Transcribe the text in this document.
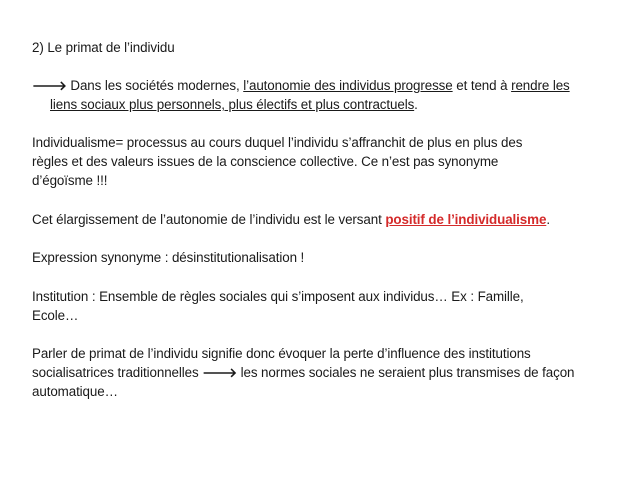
2) Le primat de l’individu
🡒 Dans les sociétés modernes, l’autonomie des individus progresse et tend à rendre les
liens sociaux plus personnels, plus électifs et plus contractuels.
Individualisme= processus au cours duquel l’individu s’affranchit de plus en plus des
règles et des valeurs issues de la conscience collective. Ce n’est pas synonyme
d’égoïsme !!!
Cet élargissement de l’autonomie de l’individu est le versant positif de l’individualisme.
Expression synonyme : désinstitutionalisation !
Institution : Ensemble de règles sociales qui s’imposent aux individus… Ex : Famille,
Ecole…
Parler de primat de l’individu signifie donc évoquer la perte d’influence des institutions
socialisatrices traditionnelles 🡒 les normes sociales ne seraient plus transmises de façon
automatique…
